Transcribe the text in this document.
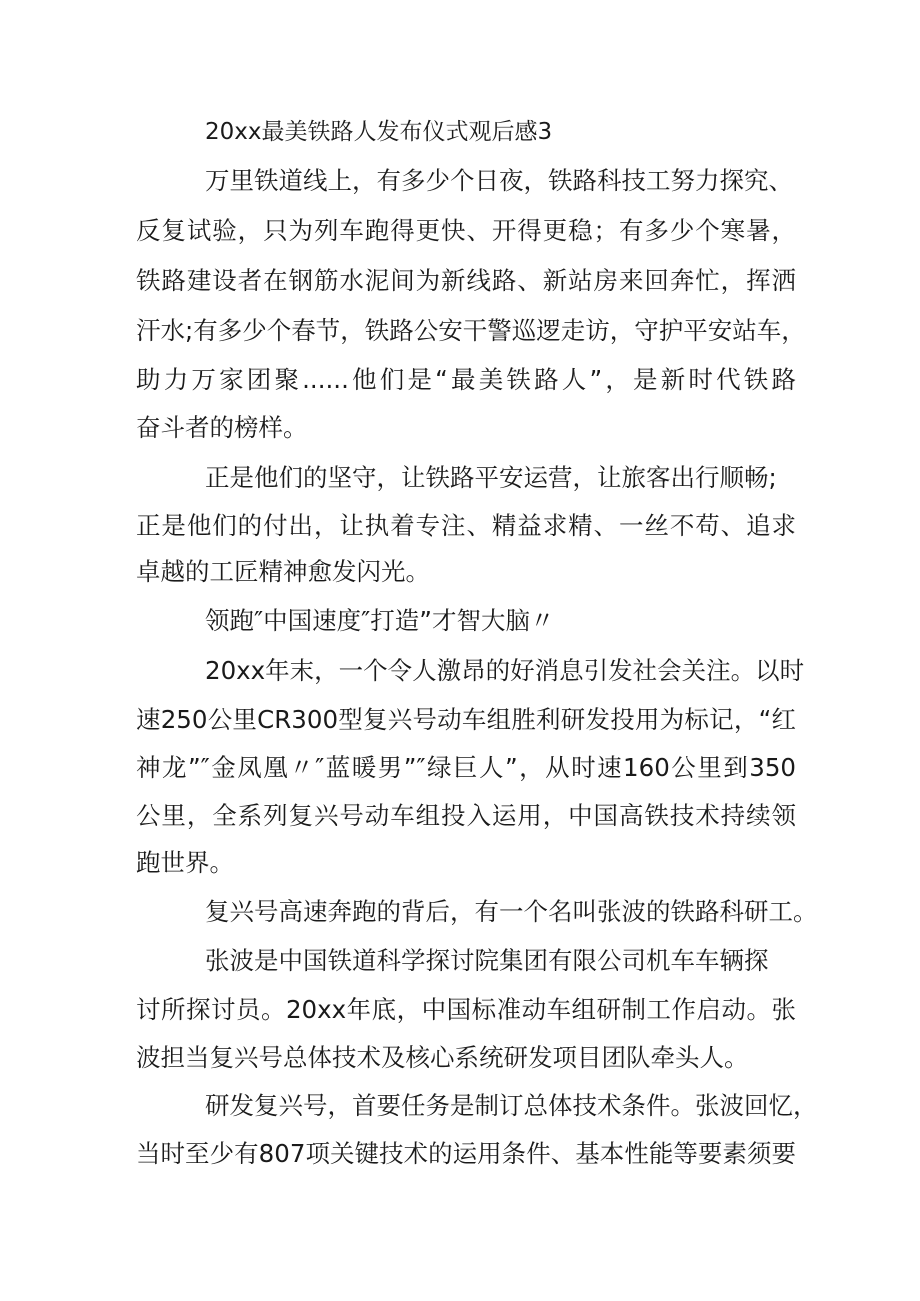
20xx最美铁路人发布仪式观后感3
万里铁道线上，有多少个日夜，铁路科技工努力探究、
反复试验，只为列车跑得更快、开得更稳；有多少个寒暑，
铁路建设者在钢筋水泥间为新线路、新站房来回奔忙，挥洒
汗水;有多少个春节，铁路公安干警巡逻走访，守护平安站车，
助力万家团聚......他们是“最美铁路人”，是新时代铁路
奋斗者的榜样。
正是他们的坚守，让铁路平安运营，让旅客出行顺畅;
正是他们的付出，让执着专注、精益求精、一丝不苟、追求
卓越的工匠精神愈发闪光。
领跑″中国速度″打造”才智大脑〃
20xx年末，一个令人激昂的好消息引发社会关注。以时
速250公里CR300型复兴号动车组胜利研发投用为标记，“红
神龙”″金凤凰〃″蓝暖男”″绿巨人”，从时速160公里到350
公里，全系列复兴号动车组投入运用，中国高铁技术持续领
跑世界。
复兴号高速奔跑的背后，有一个名叫张波的铁路科研工。
张波是中国铁道科学探讨院集团有限公司机车车辆探
讨所探讨员。20xx年底，中国标准动车组研制工作启动。张
波担当复兴号总体技术及核心系统研发项目团队牵头人。
研发复兴号，首要任务是制订总体技术条件。张波回忆，
当时至少有807项关键技术的运用条件、基本性能等要素须要
